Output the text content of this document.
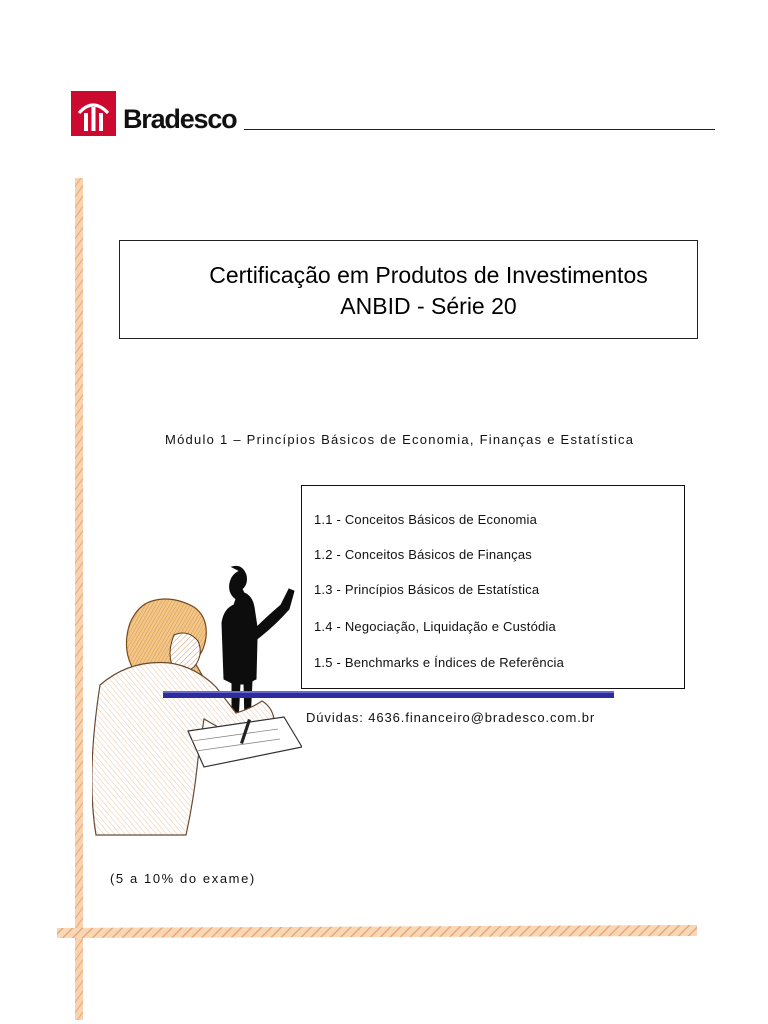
Bradesco
Certificação em Produtos de Investimentos
ANBID - Série 20
Módulo 1 – Princípios Básicos de Economia, Finanças e Estatística
1.1 - Conceitos Básicos de Economia
1.2 - Conceitos Básicos de Finanças
1.3 - Princípios Básicos de Estatística
1.4 - Negociação, Liquidação e Custódia
1.5 - Benchmarks e Índices de Referência
Dúvidas: 4636.financeiro@bradesco.com.br
(5 a 10% do exame)
